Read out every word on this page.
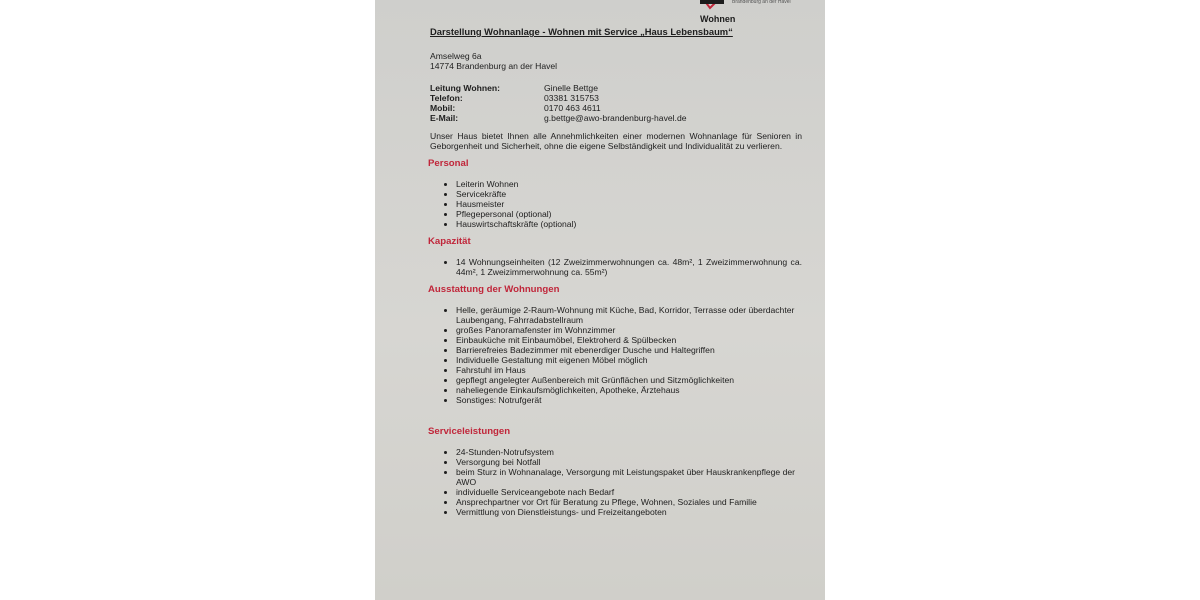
Brandenburg an der Havel
Wohnen
Darstellung Wohnanlage - Wohnen mit Service „Haus Lebensbaum“
Amselweg 6a
14774 Brandenburg an der Havel
Leitung Wohnen:	Ginelle Bettge
Telefon:	03381 315753
Mobil:	0170 463 4611
E-Mail:	g.bettge@awo-brandenburg-havel.de
Unser Haus bietet Ihnen alle Annehmlichkeiten einer modernen Wohnanlage für Senioren in Geborgenheit und Sicherheit, ohne die eigene Selbständigkeit und Individualität zu verlieren.
Personal
• Leiterin Wohnen
• Servicekräfte
• Hausmeister
• Pflegepersonal (optional)
• Hauswirtschaftskräfte (optional)
Kapazität
• 14 Wohnungseinheiten (12 Zweizimmerwohnungen ca. 48m², 1 Zweizimmerwohnung ca. 44m², 1 Zweizimmerwohnung ca. 55m²)
Ausstattung der Wohnungen
• Helle, geräumige 2-Raum-Wohnung mit Küche, Bad, Korridor, Terrasse oder überdachter Laubengang, Fahrradabstellraum
• großes Panoramafenster im Wohnzimmer
• Einbauküche mit Einbaumöbel, Elektroherd & Spülbecken
• Barrierefreies Badezimmer mit ebenerdiger Dusche und Haltegriffen
• Individuelle Gestaltung mit eigenen Möbel möglich
• Fahrstuhl im Haus
• gepflegt angelegter Außenbereich mit Grünflächen und Sitzmöglichkeiten
• naheliegende Einkaufsmöglichkeiten, Apotheke, Ärztehaus
• Sonstiges: Notrufgerät
Serviceleistungen
• 24-Stunden-Notrufsystem
• Versorgung bei Notfall
• beim Sturz in Wohnanalage, Versorgung mit Leistungspaket über Hauskrankenpflege der AWO
• individuelle Serviceangebote nach Bedarf
• Ansprechpartner vor Ort für Beratung zu Pflege, Wohnen, Soziales und Familie
• Vermittlung von Dienstleistungs- und Freizeitangeboten
